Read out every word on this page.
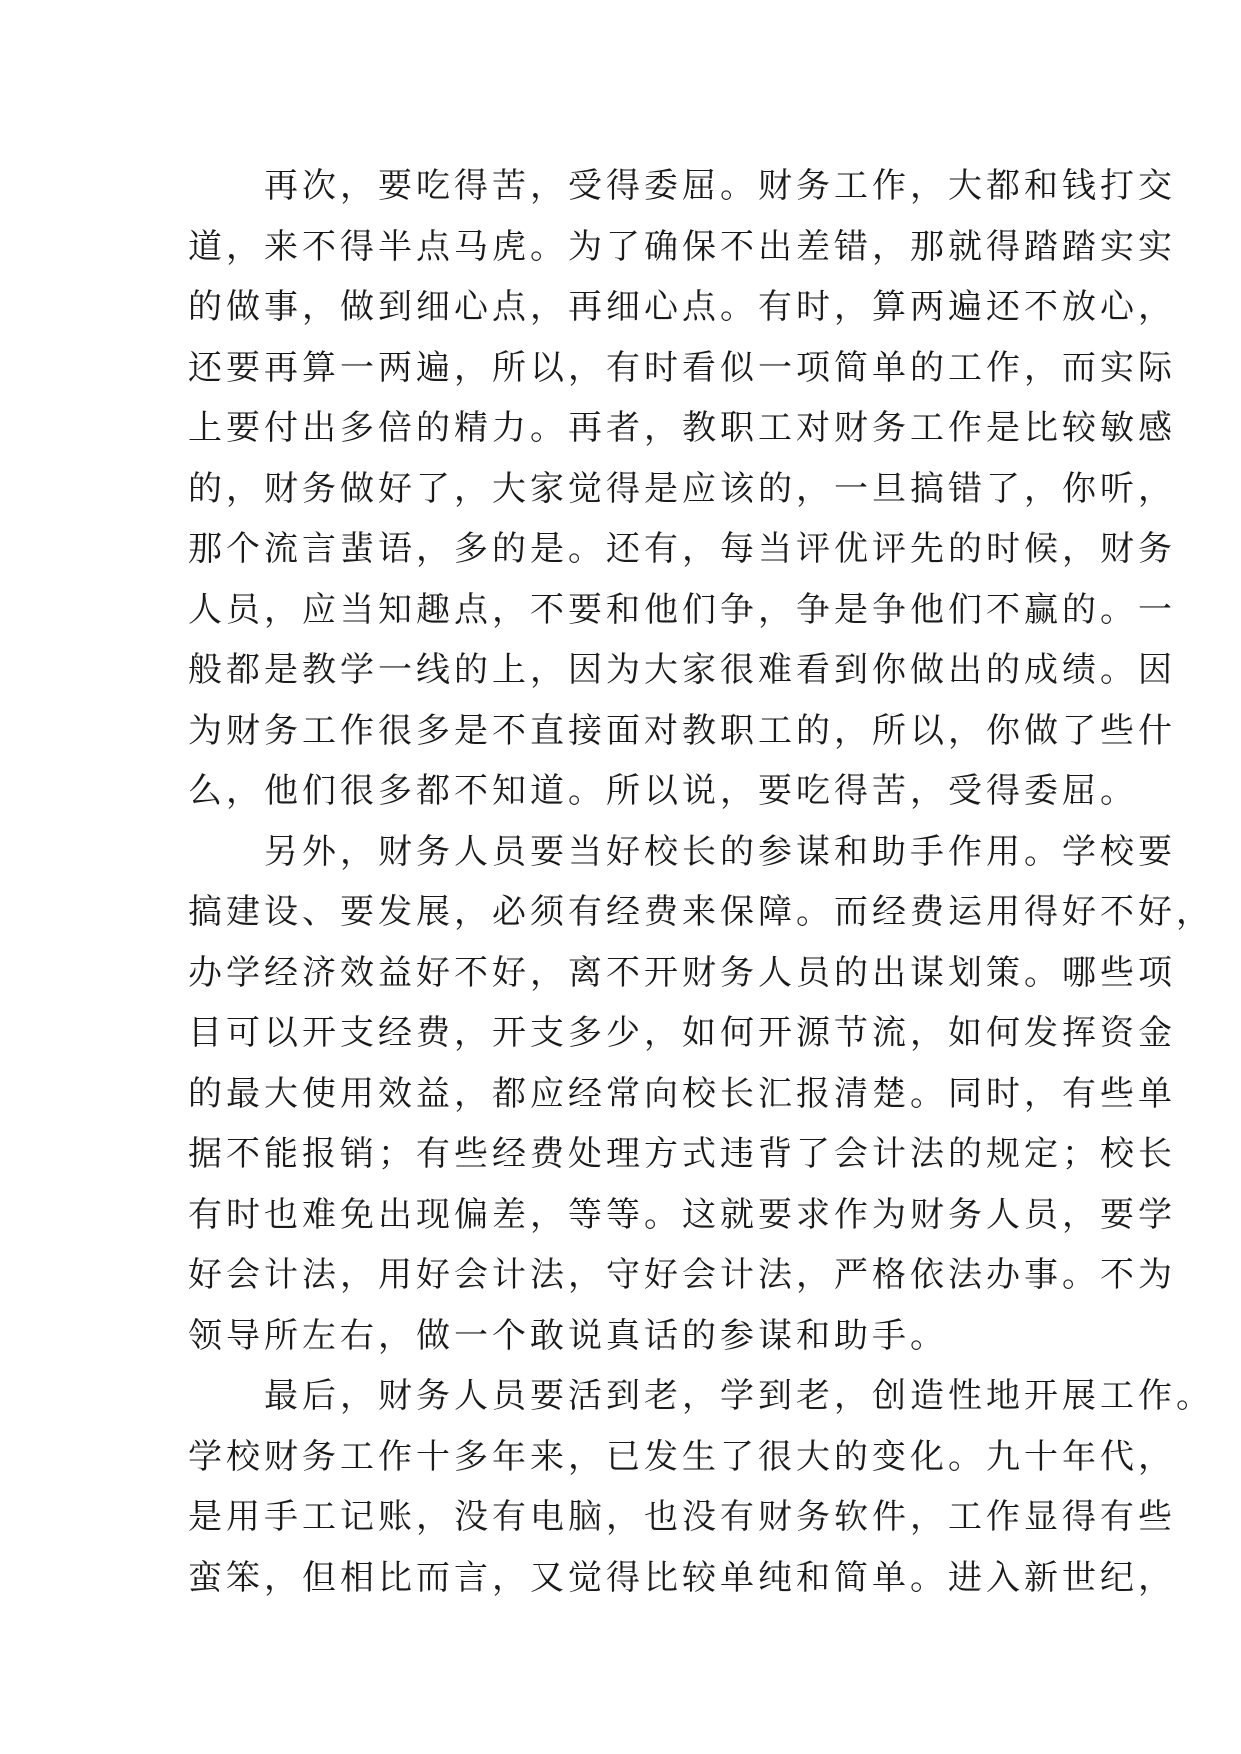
再次，要吃得苦，受得委屈。财务工作，大都和钱打交
道，来不得半点马虎。为了确保不出差错，那就得踏踏实实
的做事，做到细心点，再细心点。有时，算两遍还不放心，
还要再算一两遍，所以，有时看似一项简单的工作，而实际
上要付出多倍的精力。再者，教职工对财务工作是比较敏感
的，财务做好了，大家觉得是应该的，一旦搞错了，你听，
那个流言蜚语，多的是。还有，每当评优评先的时候，财务
人员，应当知趣点，不要和他们争，争是争他们不赢的。一
般都是教学一线的上，因为大家很难看到你做出的成绩。因
为财务工作很多是不直接面对教职工的，所以，你做了些什
么，他们很多都不知道。所以说，要吃得苦，受得委屈。
另外，财务人员要当好校长的参谋和助手作用。学校要
搞建设、要发展，必须有经费来保障。而经费运用得好不好，
办学经济效益好不好，离不开财务人员的出谋划策。哪些项
目可以开支经费，开支多少，如何开源节流，如何发挥资金
的最大使用效益，都应经常向校长汇报清楚。同时，有些单
据不能报销；有些经费处理方式违背了会计法的规定；校长
有时也难免出现偏差，等等。这就要求作为财务人员，要学
好会计法，用好会计法，守好会计法，严格依法办事。不为
领导所左右，做一个敢说真话的参谋和助手。
最后，财务人员要活到老，学到老，创造性地开展工作。
学校财务工作十多年来，已发生了很大的变化。九十年代，
是用手工记账，没有电脑，也没有财务软件，工作显得有些
蛮笨，但相比而言，又觉得比较单纯和简单。进入新世纪，
